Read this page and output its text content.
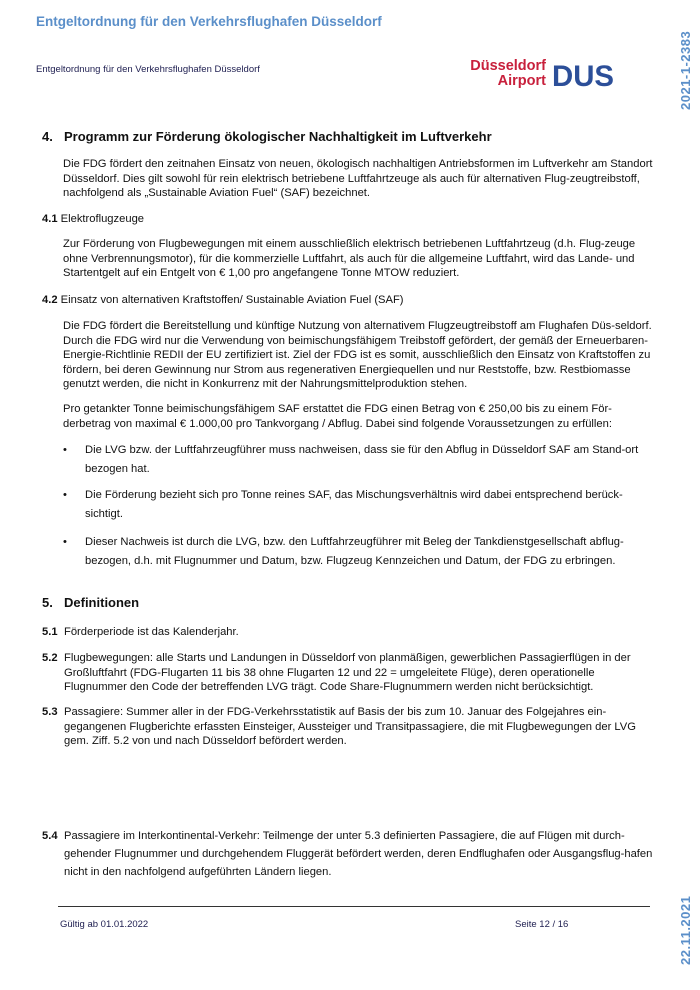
Entgeltordnung für den Verkehrsflughafen Düsseldorf
2021-1-2383
22.11.2021
Entgeltordnung für den Verkehrsflughafen Düsseldorf	Düsseldorf
Airport DUS
4. Programm zur Förderung ökologischer Nachhaltigkeit im Luftverkehr
Die FDG fördert den zeitnahen Einsatz von neuen, ökologisch nachhaltigen Antriebsformen im Luftverkehr am Standort Düsseldorf. Dies gilt sowohl für rein elektrisch betriebene Luftfahrtzeuge als auch für alternativen Flug-zeugtreibstoff, nachfolgend als „Sustainable Aviation Fuel“ (SAF) bezeichnet.
4.1 Elektroflugzeuge
Zur Förderung von Flugbewegungen mit einem ausschließlich elektrisch betriebenen Luftfahrtzeug (d.h. Flug-zeuge ohne Verbrennungsmotor), für die kommerzielle Luftfahrt, als auch für die allgemeine Luftfahrt, wird das Lande- und Startentgelt auf ein Entgelt von € 1,00 pro angefangene Tonne MTOW reduziert.
4.2 Einsatz von alternativen Kraftstoffen/ Sustainable Aviation Fuel (SAF)
Die FDG fördert die Bereitstellung und künftige Nutzung von alternativem Flugzeugtreibstoff am Flughafen Düs-seldorf. Durch die FDG wird nur die Verwendung von beimischungsfähigem Treibstoff gefördert, der gemäß der Erneuerbaren-Energie-Richtlinie REDII der EU zertifiziert ist. Ziel der FDG ist es somit, ausschließlich den Einsatz von Kraftstoffen zu fördern, bei deren Gewinnung nur Strom aus regenerativen Energiequellen und nur Reststoffe, bzw. Restbiomasse genutzt werden, die nicht in Konkurrenz mit der Nahrungsmittelproduktion stehen.
Pro getankter Tonne beimischungsfähigem SAF erstattet die FDG einen Betrag von € 250,00 bis zu einem För-derbetrag von maximal € 1.000,00 pro Tankvorgang / Abflug. Dabei sind folgende Voraussetzungen zu erfüllen:
• Die LVG bzw. der Luftfahrzeugführer muss nachweisen, dass sie für den Abflug in Düsseldorf SAF am Stand-ort bezogen hat.
• Die Förderung bezieht sich pro Tonne reines SAF, das Mischungsverhältnis wird dabei entsprechend berück-sichtigt.
• Dieser Nachweis ist durch die LVG, bzw. den Luftfahrzeugführer mit Beleg der Tankdienstgesellschaft abflug-bezogen, d.h. mit Flugnummer und Datum, bzw. Flugzeug Kennzeichen und Datum, der FDG zu erbringen.
5. Definitionen
5.1 Förderperiode ist das Kalenderjahr.
5.2 Flugbewegungen: alle Starts und Landungen in Düsseldorf von planmäßigen, gewerblichen Passagierflügen in der Großluftfahrt (FDG-Flugarten 11 bis 38 ohne Flugarten 12 und 22 = umgeleitete Flüge), deren operationelle Flugnummer den Code der betreffenden LVG trägt. Code Share-Flugnummern werden nicht berücksichtigt.
5.3 Passagiere: Summer aller in der FDG-Verkehrsstatistik auf Basis der bis zum 10. Januar des Folgejahres ein-gegangenen Flugberichte erfassten Einsteiger, Aussteiger und Transitpassagiere, die mit Flugbewegungen der LVG gem. Ziff. 5.2 von und nach Düsseldorf befördert werden.
5.4 Passagiere im Interkontinental-Verkehr: Teilmenge der unter 5.3 definierten Passagiere, die auf Flügen mit durch-gehender Flugnummer und durchgehendem Fluggerät befördert werden, deren Endflughafen oder Ausgangsflug-hafen nicht in den nachfolgend aufgeführten Ländern liegen.
Gültig ab 01.01.2022	Seite 12 / 16
